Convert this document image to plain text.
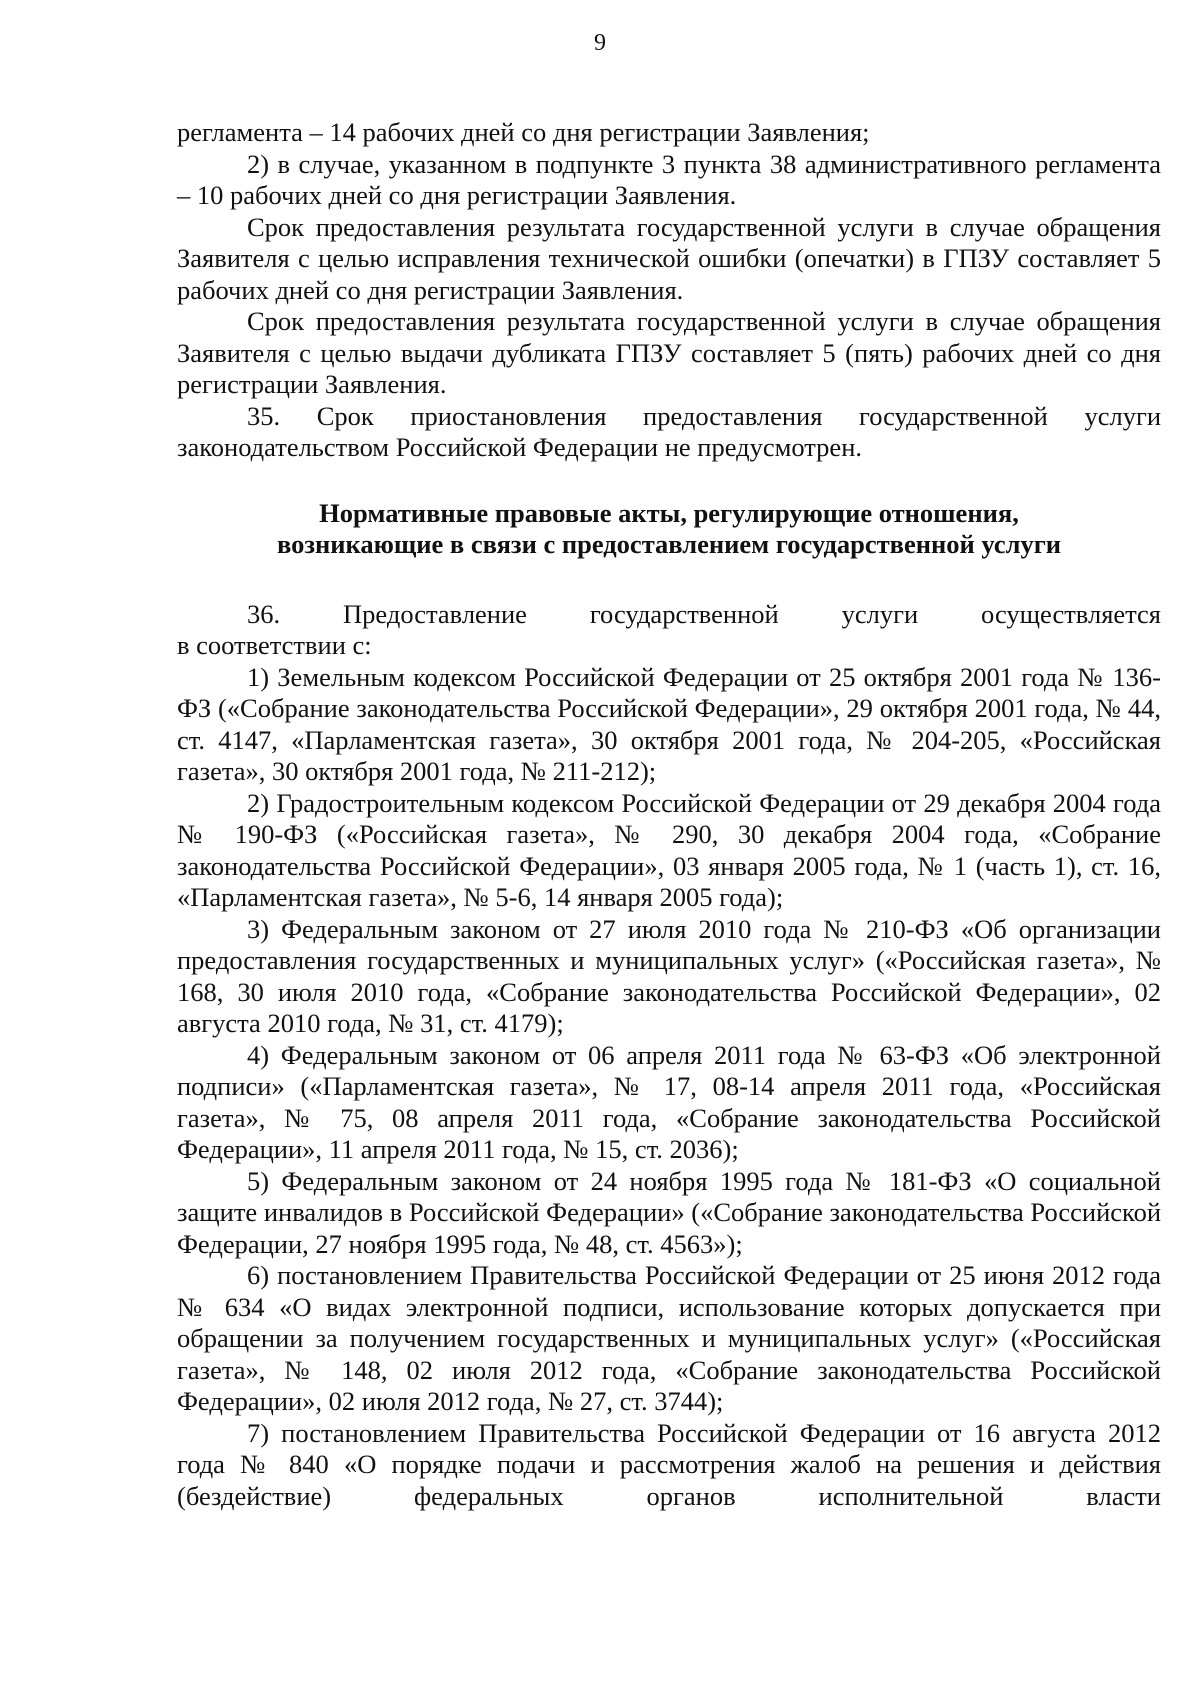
9

регламента – 14 рабочих дней со дня регистрации Заявления;

2) в случае, указанном в подпункте 3 пункта 38 административного регламента – 10 рабочих дней со дня регистрации Заявления.

Срок предоставления результата государственной услуги в случае обращения Заявителя с целью исправления технической ошибки (опечатки) в ГПЗУ составляет 5 рабочих дней со дня регистрации Заявления.

Срок предоставления результата государственной услуги в случае обращения Заявителя с целью выдачи дубликата ГПЗУ составляет 5 (пять) рабочих дней со дня регистрации Заявления.

35. Срок приостановления предоставления государственной услуги законодательством Российской Федерации не предусмотрен.

Нормативные правовые акты, регулирующие отношения,
возникающие в связи с предоставлением государственной услуги

36. Предоставление государственной услуги осуществляется

в соответствии с:

1) Земельным кодексом Российской Федерации от 25 октября 2001 года № 136-ФЗ («Собрание законодательства Российской Федерации», 29 октября 2001 года, № 44, ст. 4147, «Парламентская газета», 30 октября 2001 года, № 204-205, «Российская газета», 30 октября 2001 года, № 211-212);

2) Градостроительным кодексом Российской Федерации от 29 декабря 2004 года № 190-ФЗ («Российская газета», № 290, 30 декабря 2004 года, «Собрание законодательства Российской Федерации», 03 января 2005 года, № 1 (часть 1), ст. 16, «Парламентская газета», № 5-6, 14 января 2005 года);

3) Федеральным законом от 27 июля 2010 года № 210-ФЗ «Об организации предоставления государственных и муниципальных услуг» («Российская газета», № 168, 30 июля 2010 года, «Собрание законодательства Российской Федерации», 02 августа 2010 года, № 31, ст. 4179);

4) Федеральным законом от 06 апреля 2011 года № 63-ФЗ «Об электронной подписи» («Парламентская газета», № 17, 08-14 апреля 2011 года, «Российская газета», № 75, 08 апреля 2011 года, «Собрание законодательства Российской Федерации», 11 апреля 2011 года, № 15, ст. 2036);

5) Федеральным законом от 24 ноября 1995 года № 181-ФЗ «О социальной защите инвалидов в Российской Федерации» («Собрание законодательства Российской Федерации, 27 ноября 1995 года, № 48, ст. 4563»);

6) постановлением Правительства Российской Федерации от 25 июня 2012 года № 634 «О видах электронной подписи, использование которых допускается при обращении за получением государственных и муниципальных услуг» («Российская газета», № 148, 02 июля 2012 года, «Собрание законодательства Российской Федерации», 02 июля 2012 года, № 27, ст. 3744);

7) постановлением Правительства Российской Федерации от 16 августа 2012 года № 840 «О порядке подачи и рассмотрения жалоб на решения и действия (бездействие) федеральных органов исполнительной власти
